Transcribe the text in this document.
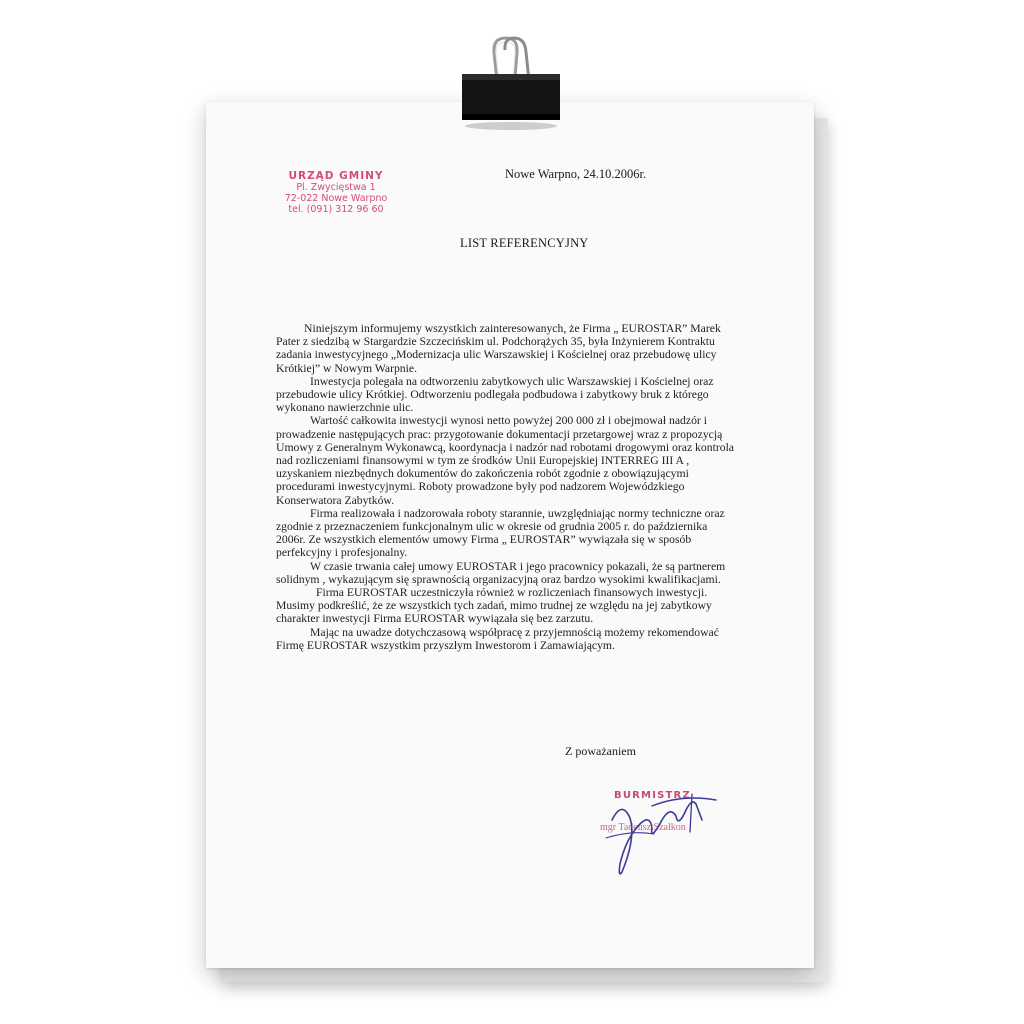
URZĄD GMINY
Pl. Zwycięstwa 1
72-022 Nowe Warpno
tel. (091) 312 96 60
Nowe Warpno, 24.10.2006r.
LIST REFERENCYJNY

Niniejszym informujemy wszystkich zainteresowanych, że Firma „ EUROSTAR” Marek Pater z siedzibą w Stargardzie Szczecińskim ul. Podchorążych 35, była Inżynierem Kontraktu zadania inwestycyjnego „Modernizacja ulic Warszawskiej i Kościelnej oraz przebudowę ulicy Krótkiej” w Nowym Warpnie.

Inwestycja polegała na odtworzeniu zabytkowych ulic Warszawskiej i Kościelnej oraz przebudowie ulicy Krótkiej. Odtworzeniu podlegała podbudowa i zabytkowy bruk z którego wykonano nawierzchnie ulic.

Wartość całkowita inwestycji wynosi netto powyżej 200 000 zł i obejmował nadzór i prowadzenie następujących prac: przygotowanie dokumentacji przetargowej wraz z propozycją Umowy z Generalnym Wykonawcą, koordynacja i nadzór nad robotami drogowymi oraz kontrola nad rozliczeniami finansowymi w tym ze środków Unii Europejskiej INTERREG III A , uzyskaniem niezbędnych dokumentów do zakończenia robót zgodnie z obowiązującymi procedurami inwestycyjnymi. Roboty prowadzone były pod nadzorem Wojewódzkiego Konserwatora Zabytków.

Firma realizowała i nadzorowała roboty starannie, uwzględniając normy techniczne oraz zgodnie z przeznaczeniem funkcjonalnym ulic w okresie od grudnia 2005 r. do października 2006r. Ze wszystkich elementów umowy Firma „ EUROSTAR” wywiązała się w sposób perfekcyjny i profesjonalny.

W czasie trwania całej umowy EUROSTAR i jego pracownicy pokazali, że są partnerem solidnym , wykazującym się sprawnością organizacyjną oraz bardzo wysokimi kwalifikacjami.

Firma EUROSTAR uczestniczyła również w rozliczeniach finansowych inwestycji. Musimy podkreślić, że ze wszystkich tych zadań, mimo trudnej ze względu na jej zabytkowy charakter inwestycji Firma EUROSTAR wywiązała się bez zarzutu.

Mając na uwadze dotychczasową współpracę z przyjemnością możemy rekomendować Firmę EUROSTAR wszystkim przyszłym Inwestorom i Zamawiającym.

Z poważaniem
BURMISTRZ
mgr Tadeusz Szałkon
